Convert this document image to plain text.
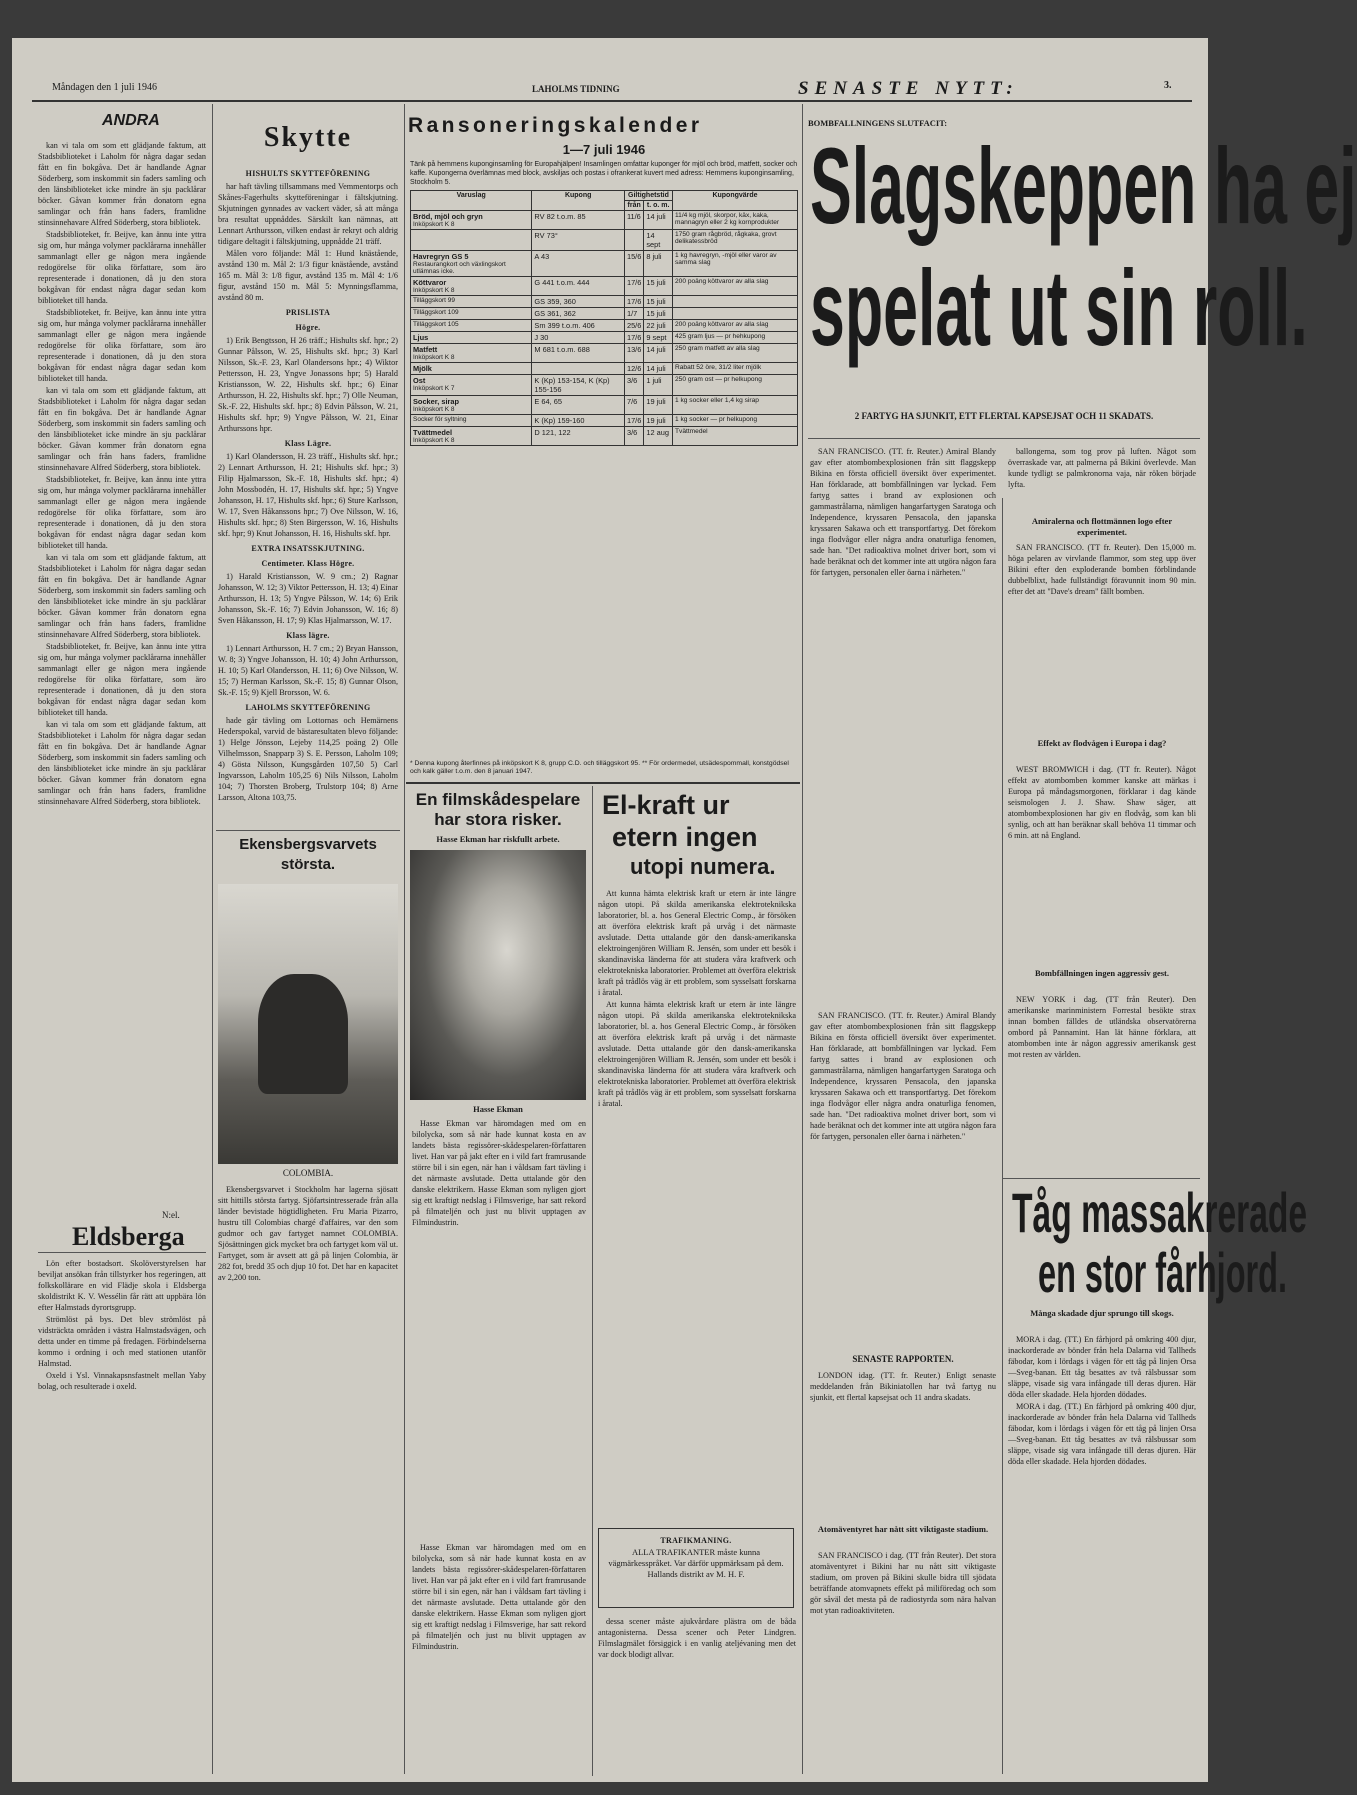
Måndagen den 1 juli 1946	LAHOLMS TIDNING	SENASTE NYTT:	3.
ANDRA

kan vi tala om som ett glädjande faktum, att Stadsbiblioteket i Laholm för några dagar sedan fått en fin bokgåva. Det är handlande Agnar Söderberg, som inskommit sin faders samling och den länsbiblioteket icke mindre än sju packlårar böcker. Gåvan kommer från donatorn egna samlingar och från hans faders, framlidne stinsinnehavare Alfred Söderberg, stora bibliotek.

Stadsbiblioteket, fr. Beijve, kan ännu inte yttra sig om, hur många volymer packlårarna innehåller sammanlagt eller ge någon mera ingående redogörelse för olika författare, som äro representerade i donationen, då ju den stora bokgåvan för endast några dagar sedan kom biblioteket till handa.

Stadsbiblioteket, fr. Beijve, kan ännu inte yttra sig om, hur många volymer packlårarna innehåller sammanlagt eller ge någon mera ingående redogörelse för olika författare, som äro representerade i donationen, då ju den stora bokgåvan för endast några dagar sedan kom biblioteket till handa.

kan vi tala om som ett glädjande faktum, att Stadsbiblioteket i Laholm för några dagar sedan fått en fin bokgåva. Det är handlande Agnar Söderberg, som inskommit sin faders samling och den länsbiblioteket icke mindre än sju packlårar böcker. Gåvan kommer från donatorn egna samlingar och från hans faders, framlidne stinsinnehavare Alfred Söderberg, stora bibliotek.

Stadsbiblioteket, fr. Beijve, kan ännu inte yttra sig om, hur många volymer packlårarna innehåller sammanlagt eller ge någon mera ingående redogörelse för olika författare, som äro representerade i donationen, då ju den stora bokgåvan för endast några dagar sedan kom biblioteket till handa.

kan vi tala om som ett glädjande faktum, att Stadsbiblioteket i Laholm för några dagar sedan fått en fin bokgåva. Det är handlande Agnar Söderberg, som inskommit sin faders samling och den länsbiblioteket icke mindre än sju packlårar böcker. Gåvan kommer från donatorn egna samlingar och från hans faders, framlidne stinsinnehavare Alfred Söderberg, stora bibliotek.

Stadsbiblioteket, fr. Beijve, kan ännu inte yttra sig om, hur många volymer packlårarna innehåller sammanlagt eller ge någon mera ingående redogörelse för olika författare, som äro representerade i donationen, då ju den stora bokgåvan för endast några dagar sedan kom biblioteket till handa.

kan vi tala om som ett glädjande faktum, att Stadsbiblioteket i Laholm för några dagar sedan fått en fin bokgåva. Det är handlande Agnar Söderberg, som inskommit sin faders samling och den länsbiblioteket icke mindre än sju packlårar böcker. Gåvan kommer från donatorn egna samlingar och från hans faders, framlidne stinsinnehavare Alfred Söderberg, stora bibliotek.

N:el.
Eldsberga

Lön efter bostadsort. Skolöverstyrelsen har beviljat ansökan från tillstyrker hos regeringen, att folkskollärare en vid Flädje skola i Eldsberga skoldistrikt K. V. Wessélin får rätt att uppbära lön efter Halmstads dyrortsgrupp.

Strömlöst på bys. Det blev strömlöst på vidsträckta områden i västra Halmstadsvägen, och detta under en timme på fredagen. Förbindelserna kommo i ordning i och med stationen utanför Halmstad.

Oxeld i Ysl. Vinnakapsnsfastnelt mellan Yaby bolag, och resulterade i oxeld.

Skytte
HISHULTS SKYTTEFÖRENING

har haft tävling tillsammans med Vemmentorps och Skånes-Fagerhults skytteföreningar i fältskjutning. Skjutningen gynnades av vackert väder, så att många bra resultat uppnåddes. Särskilt kan nämnas, att Lennart Arthursson, vilken endast är rekryt och aldrig tidigare deltagit i fältskjutning, uppnådde 21 träff.

Målen voro följande: Mål 1: Hund knästående, avstånd 130 m. Mål 2: 1/3 figur knästående, avstånd 165 m. Mål 3: 1/8 figur, avstånd 135 m. Mål 4: 1/6 figur, avstånd 150 m. Mål 5: Mynningsflamma, avstånd 80 m.

PRISLISTA
Högre.

1) Erik Bengtsson, H 26 träff.; Hishults skf. hpr.; 2) Gunnar Pålsson, W. 25, Hishults skf. hpr.; 3) Karl Nilsson, Sk.-F. 23, Karl Olandersons hpr.; 4) Wiktor Pettersson, H. 23, Yngve Jonassons hpr; 5) Harald Kristiansson, W. 22, Hishults skf. hpr.; 6) Einar Arthursson, H. 22, Hishults skf. hpr.; 7) Olle Neuman, Sk.-F. 22, Hishults skf. hpr.; 8) Edvin Pålsson, W. 21, Hishults skf. hpr; 9) Yngve Pålsson, W. 21, Einar Arthurssons hpr.

Klass Lägre.

1) Karl Olandersson, H. 23 träff., Hishults skf. hpr.; 2) Lennart Arthursson, H. 21; Hishults skf. hpr.; 3) Filip Hjalmarsson, Sk.-F. 18, Hishults skf. hpr.; 4) John Mossbodén, H. 17, Hishults skf. hpr.; 5) Yngve Johansson, H. 17, Hishults skf. hpr.; 6) Sture Karlsson, W. 17, Sven Håkanssons hpr.; 7) Ove Nilsson, W. 16, Hishults skf. hpr.; 8) Sten Birgersson, W. 16, Hishults skf. hpr; 9) Knut Johansson, H. 16, Hishults skf. hpr.

EXTRA INSATSSKJUTNING.
Centimeter. Klass Högre.

1) Harald Kristiansson, W. 9 cm.; 2) Ragnar Johansson, W. 12; 3) Viktor Pettersson, H. 13; 4) Einar Arthursson, H. 13; 5) Yngve Pålsson, W. 14; 6) Erik Johansson, Sk.-F. 16; 7) Edvin Johansson, W. 16; 8) Sven Håkansson, H. 17; 9) Klas Hjalmarsson, W. 17.

Klass lägre.

1) Lennart Arthursson, H. 7 cm.; 2) Bryan Hansson, W. 8; 3) Yngve Johansson, H. 10; 4) John Arthursson, H. 10; 5) Karl Olandersson, H. 11; 6) Ove Nilsson, W. 15; 7) Herman Karlsson, Sk.-F. 15; 8) Gunnar Olson, Sk.-F. 15; 9) Kjell Brorsson, W. 6.

LAHOLMS SKYTTEFÖRENING

hade går tävling om Lottornas och Hemärnens Hederspokal, varvid de bästaresultaten blevo följande: 1) Helge Jönsson, Lejeby 114,25 poäng 2) Olle Vilhelmsson, Snapparp 3) S. E. Persson, Laholm 109; 4) Gösta Nilsson, Kungsgården 107,50 5) Carl Ingvarsson, Laholm 105,25 6) Nils Nilsson, Laholm 104; 7) Thorsten Broberg, Trulstorp 104; 8) Arne Larsson, Altona 103,75.

Ekensbergsvarvets
största.
COLOMBIA.

Ekensbergsvarvet i Stockholm har lagerna sjösatt sitt hittills största fartyg. Sjöfartsintresserade från alla länder bevistade högtidligheten. Fru Maria Pizarro, hustru till Colombias chargé d'affaires, var den som gudmor och gav fartyget namnet COLOMBIA. Sjösättningen gick mycket bra och fartyget kom väl ut. Fartyget, som är avsett att gå på linjen Colombia, är 282 fot, bredd 35 och djup 10 fot. Det har en kapacitet av 2,200 ton.

Ransoneringskalender
1—7 juli 1946
Tänk på hemmens kuponginsamling för Europahjälpen! Insamlingen omfattar kuponger för mjöl och bröd, matfett, socker och kaffe. Kupongerna överlämnas med block, avskiljas och postas i ofrankerat kuvert med adress: Hemmens kuponginsamling, Stockholm 5.
Varuslag	Kupong	Giltighetstid		Kupongvärde
		från	t. o. m.	
Bröd, mjöl och gryn
Inköpskort K 8	RV 82 t.o.m. 85	11/6	14 juli	11/4 kg mjöl, skorpor, käx, kaka, mannagryn eller 2 kg kornprodukter

	RV 73°		14 sept	1750 gram rågbröd, rågkaka, grovt delikatessbröd
Havregryn GS 5
Restaurangkort och växlingskort utlämnas icke.	A 43	15/6	8 juli	1 kg havregryn, -mjöl eller varor av samma slag
Köttvaror
Inköpskort K 8	G 441 t.o.m. 444	17/6	15 juli	200 poäng köttvaror av alla slag

Tilläggskort 99	GS 359, 360	17/6	15 juli	

Tilläggskort 109	GS 361, 362	1/7	15 juli	

Tilläggskort 105	Sm 399 t.o.m. 406	25/6	22 juli	200 poäng köttvaror av alla slag
Ljus	J 30	17/6	9 sept	425 gram ljus — pr hehkupong
Matfett
Inköpskort K 8	M 681 t.o.m. 688	13/6	14 juli	250 gram matfett av alla slag
Mjölk		12/6	14 juli	Rabatt 52 öre, 31/2 liter mjölk
Ost
Inköpskort K 7	K (Kp) 153-154, K (Kp) 155-156	3/6	1 juli	250 gram ost — pr helkupong
Socker, sirap
Inköpskort K 8	E 64, 65	7/6	19 juli	1 kg socker eller 1,4 kg sirap

Socker för syltning	K (Kp) 159-160	17/6	19 juli	1 kg socker — pr helkupong
Tvättmedel
Inköpskort K 8	D 121, 122	3/6	12 aug	Tvättmedel
* Denna kupong återfinnes på inköpskort K 8, grupp C.D. och tilläggskort 95. ** För ordermedel, utsädespommall, konstgödsel och kalk gäller t.o.m. den 8 januari 1947.
En filmskådespelare
har stora risker.
Hasse Ekman har riskfullt arbete.
Hasse Ekman

Hasse Ekman var häromdagen med om en bilolycka, som så när hade kunnat kosta en av landets bästa regissörer-skådespelaren-författaren livet. Han var på jakt efter en i vild fart framrusande större bil i sin egen, när han i våldsam fart tävling i det närmaste avslutade. Detta uttalande gör den danske elektrikern. Hasse Ekman som nyligen gjort sig ett kraftigt nedslag i Filmsverige, har satt rekord på filmateljén och just nu blivit upptagen av Filmindustrin.

El-kraft ur
etern ingen
utopi numera.

Att kunna hämta elektrisk kraft ur etern är inte längre någon utopi. På skilda amerikanska elektroteknikska laboratorier, bl. a. hos General Electric Comp., är försöken att överföra elektrisk kraft på urvåg i det närmaste avslutade. Detta uttalande gör den dansk-amerikanska elektroingenjören William R. Jensén, som under ett besök i skandinaviska länderna för att studera våra kraftverk och elektrotekniska laboratorier. Problemet att överföra elektrisk kraft på trådlös väg är ett problem, som sysselsatt forskarna i åratal.

Att kunna hämta elektrisk kraft ur etern är inte längre någon utopi. På skilda amerikanska elektroteknikska laboratorier, bl. a. hos General Electric Comp., är försöken att överföra elektrisk kraft på urvåg i det närmaste avslutade. Detta uttalande gör den dansk-amerikanska elektroingenjören William R. Jensén, som under ett besök i skandinaviska länderna för att studera våra kraftverk och elektrotekniska laboratorier. Problemet att överföra elektrisk kraft på trådlös väg är ett problem, som sysselsatt forskarna i åratal.

TRAFIKMANING.
ALLA TRAFIKANTER måste kunna vägmärkesspråket. Var därför uppmärksam på dem. Hallands distrikt av M. H. F.

dessa scener måste ajukvårdare plästra om de båda antagonisterna. Dessa scener och Peter Lindgren. Filmslagmälet försiggick i en vanlig ateljévaning men det var dock blodigt allvar.

Hasse Ekman var häromdagen med om en bilolycka, som så när hade kunnat kosta en av landets bästa regissörer-skådespelaren-författaren livet. Han var på jakt efter en i vild fart framrusande större bil i sin egen, när han i våldsam fart tävling i det närmaste avslutade. Detta uttalande gör den danske elektrikern. Hasse Ekman som nyligen gjort sig ett kraftigt nedslag i Filmsverige, har satt rekord på filmateljén och just nu blivit upptagen av Filmindustrin.

BOMBFALLNINGENS SLUTFACIT:
Slagskeppen ha ej
spelat ut sin roll.
2 FARTYG HA SJUNKIT, ETT FLERTAL KAPSEJSAT OCH 11 SKADATS.

SAN FRANCISCO. (TT. fr. Reuter.) Amiral Blandy gav efter atombombexplosionen från sitt flaggskepp Bikina en första officiell översikt över experimentet. Han förklarade, att bombfällningen var lyckad. Fem fartyg sattes i brand av explosionen och gammastrålarna, nämligen hangarfartygen Saratoga och Independence, kryssaren Pensacola, den japanska kryssaren Sakawa och ett transportfartyg. Det förekom inga flodvågor eller några andra onaturliga fenomen, sade han. "Det radioaktiva molnet driver bort, som vi hade beräknat och det kommer inte att utgöra någon fara för fartygen, personalen eller öarna i närheten."

ballongerna, som tog prov på luften. Något som överraskade var, att palmerna på Bikini överlevde. Man kunde tydligt se palmkronorna vaja, när röken började lyfta.

Amiralerna och flottmännen logo efter experimentet.

SAN FRANCISCO. (TT fr. Reuter). Den 15,000 m. höga pelaren av virvlande flammor, som steg upp över Bikini efter den exploderande bomben förblindande dubbelblixt, hade fullständigt föravunnit inom 90 min. efter det att "Dave's dream" fällt bomben.

Effekt av flodvågen i Europa i dag?

WEST BROMWICH i dag. (TT fr. Reuter). Något effekt av atombomben kommer kanske att märkas i Europa på måndagsmorgonen, förklarar i dag kände seismologen J. J. Shaw. Shaw säger, att atombombexplosionen har giv en flodvåg, som kan bli synlig, och att han beräknar skall behöva 11 timmar och 6 min. att nå England.

Bombfällningen ingen aggressiv gest.

NEW YORK i dag. (TT från Reuter). Den amerikanske marinministern Forrestal besökte strax innan bomben fälldes de utländska observatörerna ombord på Pannamint. Han lät hänne förklara, att atombomben inte är någon aggressiv amerikansk gest mot resten av världen.

Tåg massakrerade
en stor fårhjord.
Många skadade djur sprungo till skogs.

MORA i dag. (TT.) En fårhjord på omkring 400 djur, inackorderade av bönder från hela Dalarna vid Tallheds fäbodar, kom i lördags i vägen för ett tåg på linjen Orsa—Sveg-banan. Ett tåg besattes av två rälsbussar som släppe, visade sig vara infångade till deras djuren. Här döda eller skadade. Hela hjorden dödades.

MORA i dag. (TT.) En fårhjord på omkring 400 djur, inackorderade av bönder från hela Dalarna vid Tallheds fäbodar, kom i lördags i vägen för ett tåg på linjen Orsa—Sveg-banan. Ett tåg besattes av två rälsbussar som släppe, visade sig vara infångade till deras djuren. Här döda eller skadade. Hela hjorden dödades.

SAN FRANCISCO. (TT. fr. Reuter.) Amiral Blandy gav efter atombombexplosionen från sitt flaggskepp Bikina en första officiell översikt över experimentet. Han förklarade, att bombfällningen var lyckad. Fem fartyg sattes i brand av explosionen och gammastrålarna, nämligen hangarfartygen Saratoga och Independence, kryssaren Pensacola, den japanska kryssaren Sakawa och ett transportfartyg. Det förekom inga flodvågor eller några andra onaturliga fenomen, sade han. "Det radioaktiva molnet driver bort, som vi hade beräknat och det kommer inte att utgöra någon fara för fartygen, personalen eller öarna i närheten."

SENASTE RAPPORTEN.

LONDON idag. (TT. fr. Reuter.) Enligt senaste meddelanden från Bikiniatollen har två fartyg nu sjunkit, ett flertal kapsejsat och 11 andra skadats.

Atomäventyret har nått sitt viktigaste stadium.

SAN FRANCISCO i dag. (TT från Reuter). Det stora atomäventyret i Bikini har nu nått sitt viktigaste stadium, om proven på Bikini skulle bidra till sjödata beträffande atomvapnets effekt på miliföredag och som gör såväl det mesta på de radiostyrda som nära halvan mot ytan radioaktiviteten.
